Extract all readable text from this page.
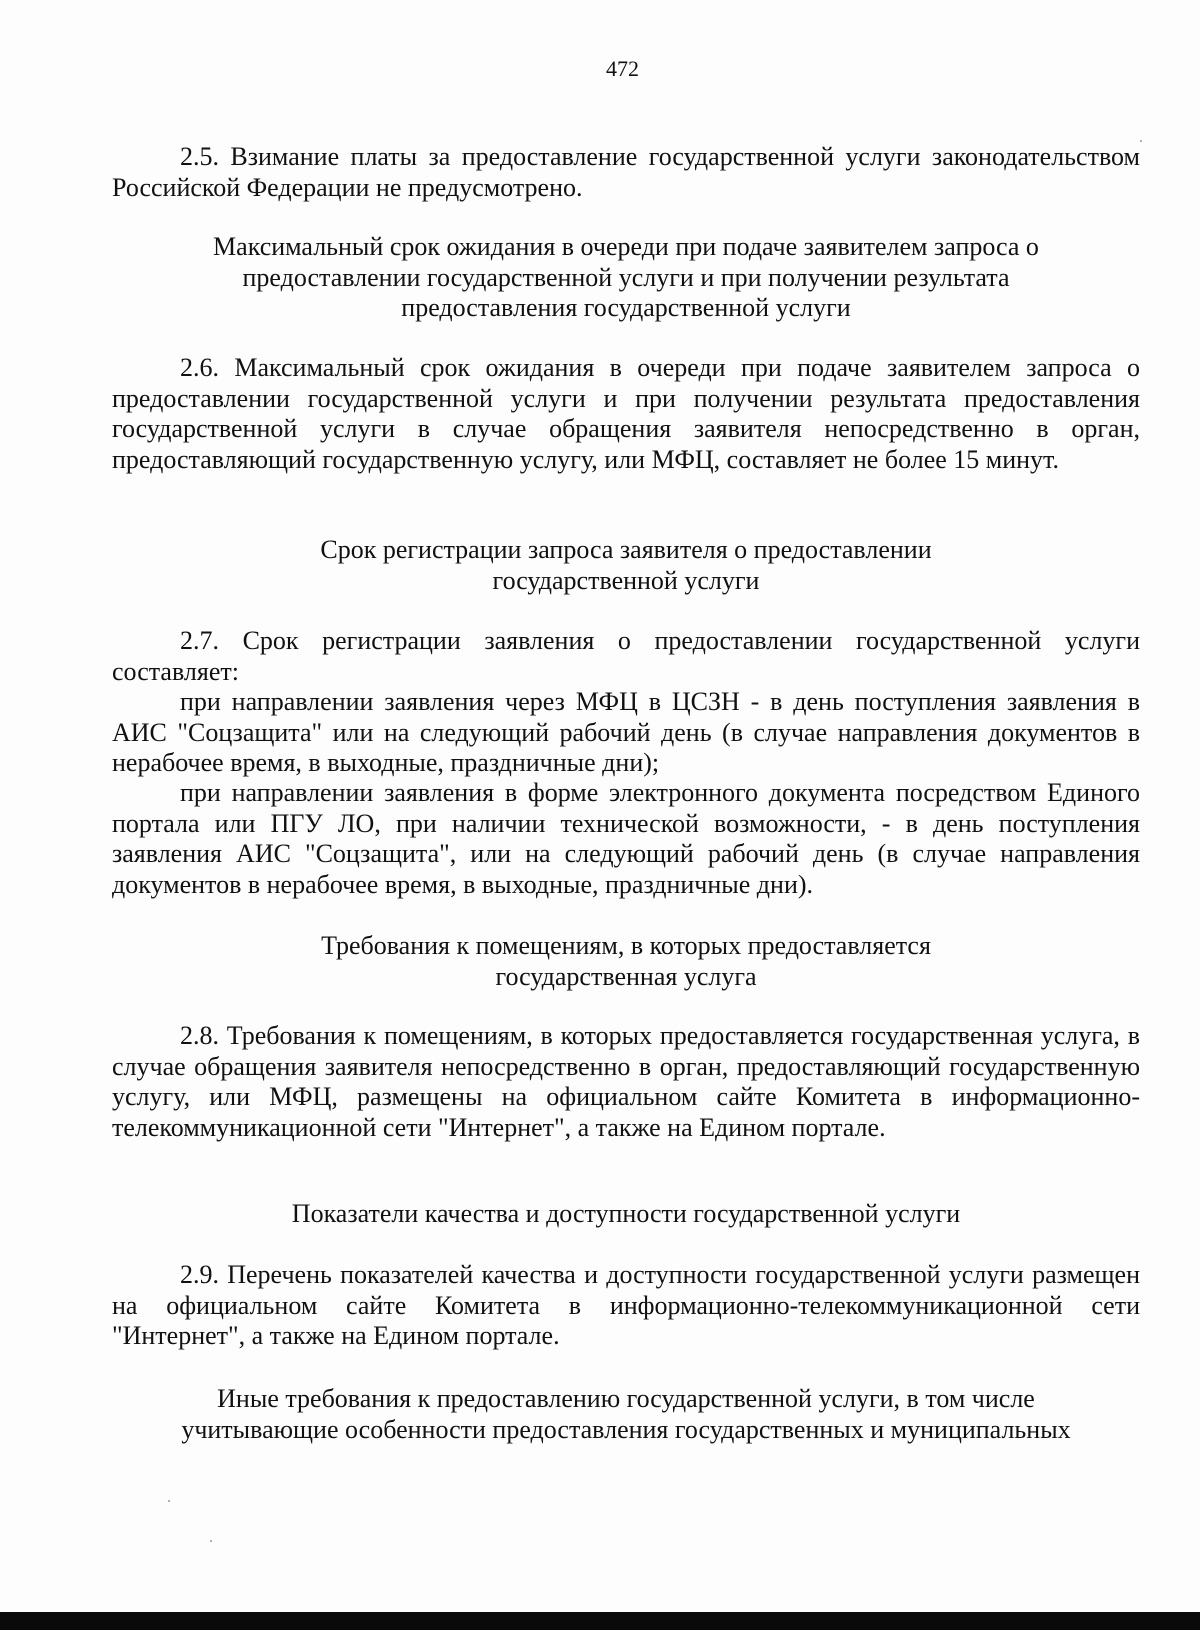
472

2.5. Взимание платы за предоставление государственной услуги законодательством Российской Федерации не предусмотрено.

Максимальный срок ожидания в очереди при подаче заявителем запроса о
предоставлении государственной услуги и при получении результата
предоставления государственной услуги

2.6. Максимальный срок ожидания в очереди при подаче заявителем запроса о предоставлении государственной услуги и при получении результата предоставления государственной услуги в случае обращения заявителя непосредственно в орган, предоставляющий государственную услугу, или МФЦ, составляет не более 15 минут.

Срок регистрации запроса заявителя о предоставлении
государственной услуги

2.7. Срок регистрации заявления о предоставлении государственной услуги составляет:

при направлении заявления через МФЦ в ЦСЗН - в день поступления заявления в АИС "Соцзащита" или на следующий рабочий день (в случае направления документов в нерабочее время, в выходные, праздничные дни);

при направлении заявления в форме электронного документа посредством Единого портала или ПГУ ЛО, при наличии технической возможности, - в день поступления заявления АИС "Соцзащита", или на следующий рабочий день (в случае направления документов в нерабочее время, в выходные, праздничные дни).

Требования к помещениям, в которых предоставляется
государственная услуга

2.8. Требования к помещениям, в которых предоставляется государственная услуга, в случае обращения заявителя непосредственно в орган, предоставляющий государственную услугу, или МФЦ, размещены на официальном сайте Комитета в информационно-телекоммуникационной сети "Интернет", а также на Едином портале.

Показатели качества и доступности государственной услуги

2.9. Перечень показателей качества и доступности государственной услуги размещен на официальном сайте Комитета в информационно-телекоммуникационной сети "Интернет", а также на Едином портале.

Иные требования к предоставлению государственной услуги, в том числе
учитывающие особенности предоставления государственных и муниципальных
